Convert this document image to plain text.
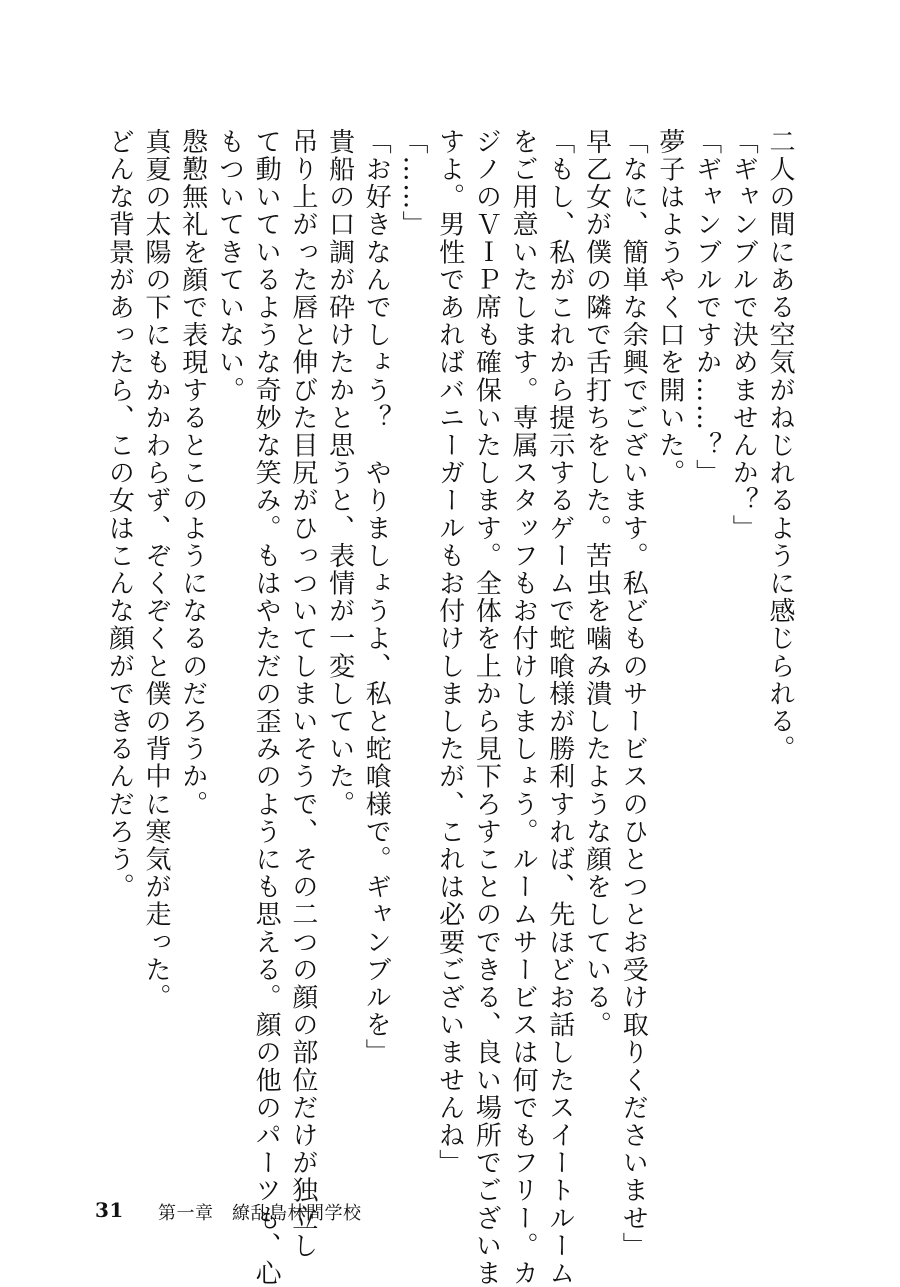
二人の間にある空気がねじれるように感じられる。
「ギャンブルで決めませんか？」
「ギャンブルですか……？」
夢子はようやく口を開いた。
「なに、簡単な余興でございます。私どものサービスのひとつとお受け取りくださいませ」
早乙女が僕の隣で舌打ちをした。苦虫を噛み潰したような顔をしている。
「もし、私がこれから提示するゲームで蛇喰様が勝利すれば、先ほどお話したスイートルーム
をご用意いたします。専属スタッフもお付けしましょう。ルームサービスは何でもフリー。カ
ジノのＶＩＰ席も確保いたします。全体を上から見下ろすことのできる、良い場所でございま
すよ。男性であればバニーガールもお付けしましたが、これは必要ございませんね」
「……」
「お好きなんでしょう？　やりましょうよ、私と蛇喰様で。ギャンブルを」
貴船の口調が砕けたかと思うと、表情が一変していた。
吊り上がった唇と伸びた目尻がひっついてしまいそうで、その二つの顔の部位だけが独立し
て動いているような奇妙な笑み。もはやただの歪みのようにも思える。顔の他のパーツも、心
もついてきていない。
慇懃無礼を顔で表現するとこのようになるのだろうか。
真夏の太陽の下にもかかわらず、ぞくぞくと僕の背中に寒気が走った。
どんな背景があったら、この女はこんな顔ができるんだろう。
31 第一章　繚乱島林間学校
